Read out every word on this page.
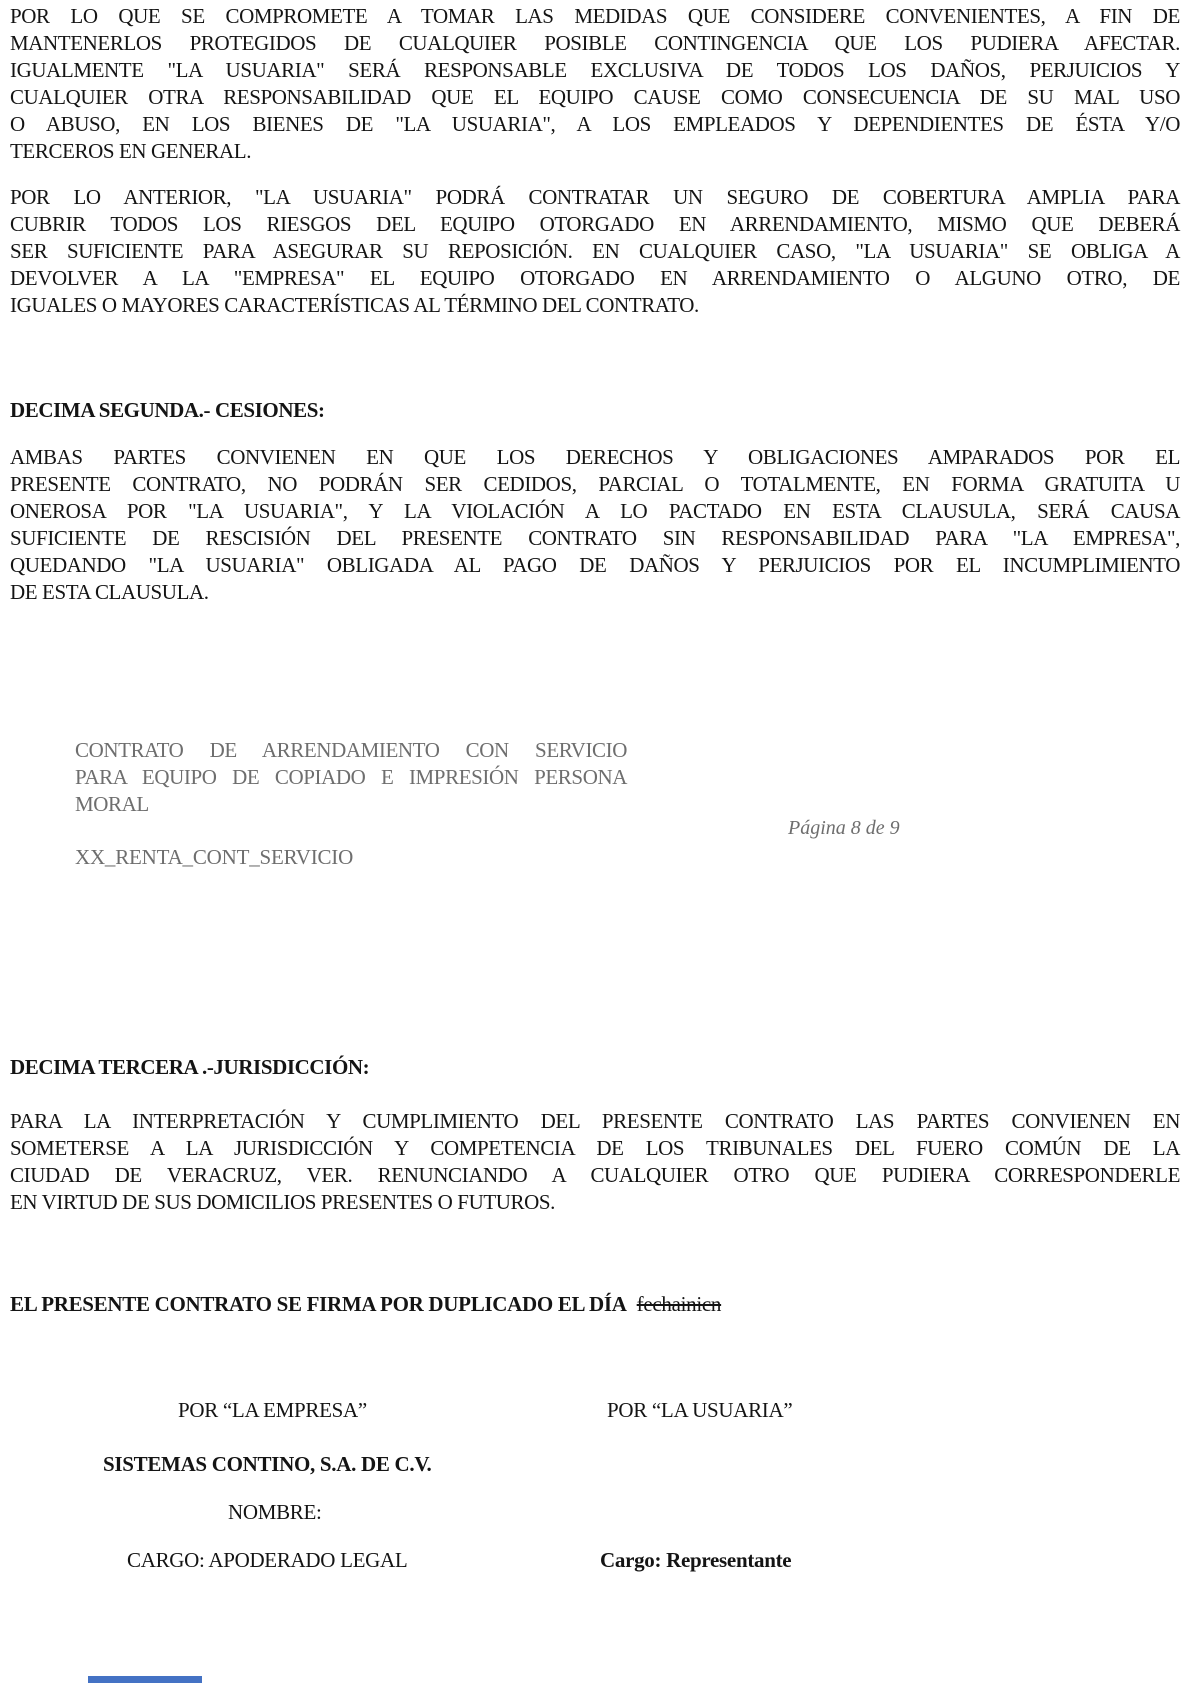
POR LO QUE SE COMPROMETE A TOMAR LAS MEDIDAS QUE CONSIDERE CONVENIENTES, A FIN DE
MANTENERLOS PROTEGIDOS DE CUALQUIER POSIBLE CONTINGENCIA QUE LOS PUDIERA AFECTAR.
IGUALMENTE "LA USUARIA" SERÁ RESPONSABLE EXCLUSIVA DE TODOS LOS DAÑOS, PERJUICIOS Y
CUALQUIER OTRA RESPONSABILIDAD QUE EL EQUIPO CAUSE COMO CONSECUENCIA DE SU MAL USO
O ABUSO, EN LOS BIENES DE "LA USUARIA", A LOS EMPLEADOS Y DEPENDIENTES DE ÉSTA Y/O
TERCEROS EN GENERAL.
POR LO ANTERIOR, "LA USUARIA" PODRÁ CONTRATAR UN SEGURO DE COBERTURA AMPLIA PARA
CUBRIR TODOS LOS RIESGOS DEL EQUIPO OTORGADO EN ARRENDAMIENTO, MISMO QUE DEBERÁ
SER SUFICIENTE PARA ASEGURAR SU REPOSICIÓN. EN CUALQUIER CASO, "LA USUARIA" SE OBLIGA A
DEVOLVER A LA "EMPRESA" EL EQUIPO OTORGADO EN ARRENDAMIENTO O ALGUNO OTRO, DE
IGUALES O MAYORES CARACTERÍSTICAS AL TÉRMINO DEL CONTRATO.
DECIMA SEGUNDA.- CESIONES:
AMBAS PARTES CONVIENEN EN QUE LOS DERECHOS Y OBLIGACIONES AMPARADOS POR EL
PRESENTE CONTRATO, NO PODRÁN SER CEDIDOS, PARCIAL O TOTALMENTE, EN FORMA GRATUITA U
ONEROSA POR "LA USUARIA", Y LA VIOLACIÓN A LO PACTADO EN ESTA CLAUSULA, SERÁ CAUSA
SUFICIENTE DE RESCISIÓN DEL PRESENTE CONTRATO SIN RESPONSABILIDAD PARA "LA EMPRESA",
QUEDANDO "LA USUARIA" OBLIGADA AL PAGO DE DAÑOS Y PERJUICIOS POR EL INCUMPLIMIENTO
DE ESTA CLAUSULA.
CONTRATO DE ARRENDAMIENTO CON SERVICIO
PARA EQUIPO DE COPIADO E IMPRESIÓN PERSONA
MORAL
Página 8 de 9
XX_RENTA_CONT_SERVICIO
DECIMA TERCERA .-JURISDICCIÓN:
PARA LA INTERPRETACIÓN Y CUMPLIMIENTO DEL PRESENTE CONTRATO LAS PARTES CONVIENEN EN
SOMETERSE A LA JURISDICCIÓN Y COMPETENCIA DE LOS TRIBUNALES DEL FUERO COMÚN DE LA
CIUDAD DE VERACRUZ, VER. RENUNCIANDO A CUALQUIER OTRO QUE PUDIERA CORRESPONDERLE
EN VIRTUD DE SUS DOMICILIOS PRESENTES O FUTUROS.
EL PRESENTE CONTRATO SE FIRMA POR DUPLICADO EL DÍA fechainicn
POR “LA EMPRESA”	POR “LA USUARIA”
SISTEMAS CONTINO, S.A. DE C.V.
NOMBRE:
CARGO: APODERADO LEGAL	Cargo: Representante
